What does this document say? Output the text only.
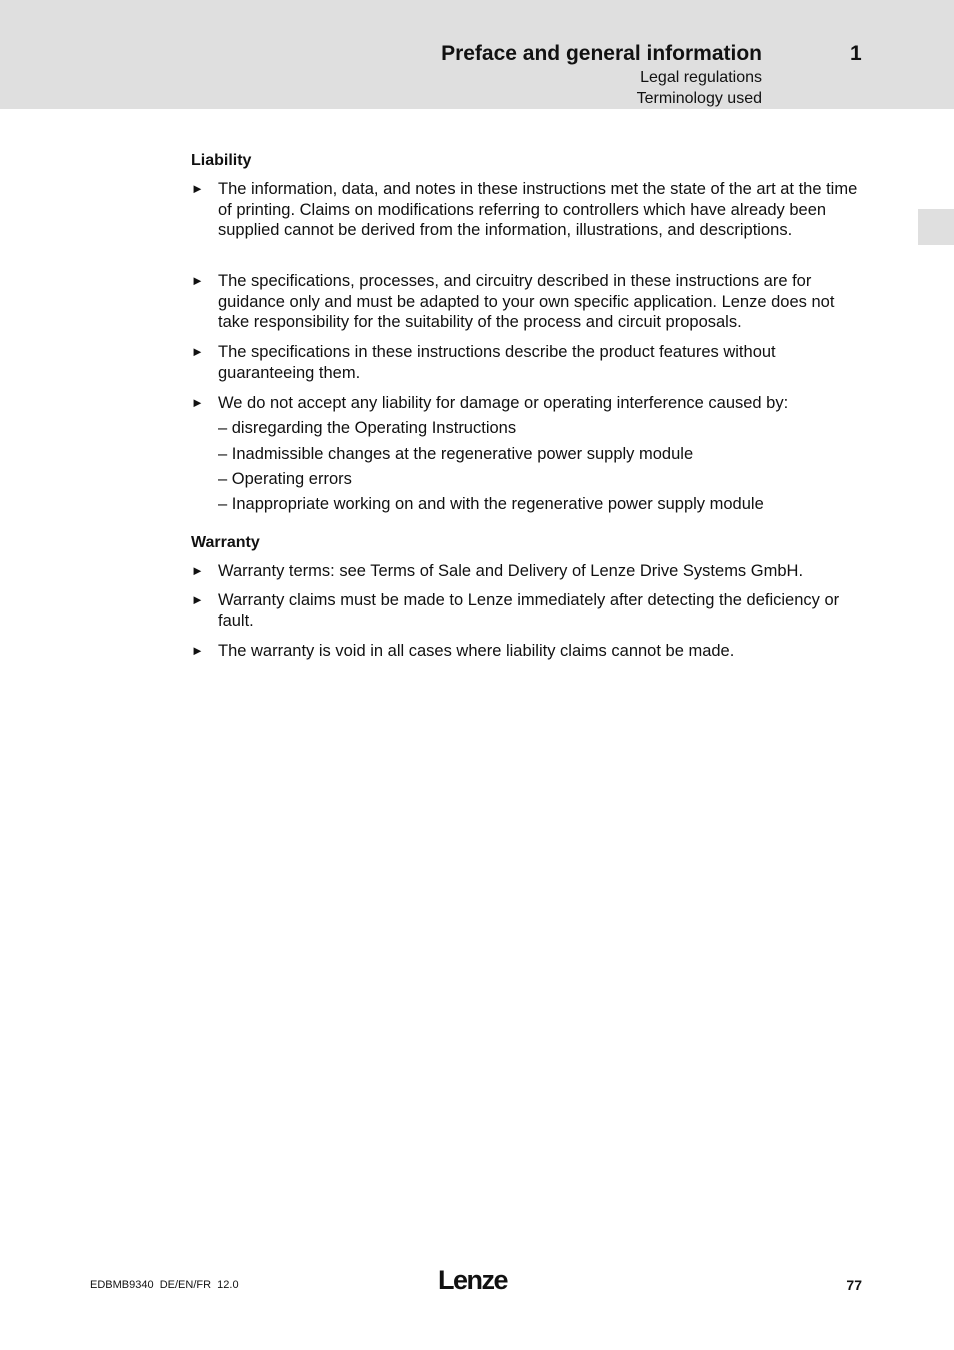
Preface and general information	1
Legal regulations
Terminology used
Liability
► The information, data, and notes in these instructions met the state of the art at the time of printing. Claims on modifications referring to controllers which have already been supplied cannot be derived from the information, illustrations, and descriptions.
► The specifications, processes, and circuitry described in these instructions are for guidance only and must be adapted to your own specific application. Lenze does not take responsibility for the suitability of the process and circuit proposals.
► The specifications in these instructions describe the product features without guaranteeing them.
► We do not accept any liability for damage or operating interference caused by:
– disregarding the Operating Instructions
– Inadmissible changes at the regenerative power supply module
– Operating errors
– Inappropriate working on and with the regenerative power supply module
Warranty
► Warranty terms: see Terms of Sale and Delivery of Lenze Drive Systems GmbH.
► Warranty claims must be made to Lenze immediately after detecting the deficiency or fault.
► The warranty is void in all cases where liability claims cannot be made.
EDBMB9340  DE/EN/FR  12.0	Lenze	77
